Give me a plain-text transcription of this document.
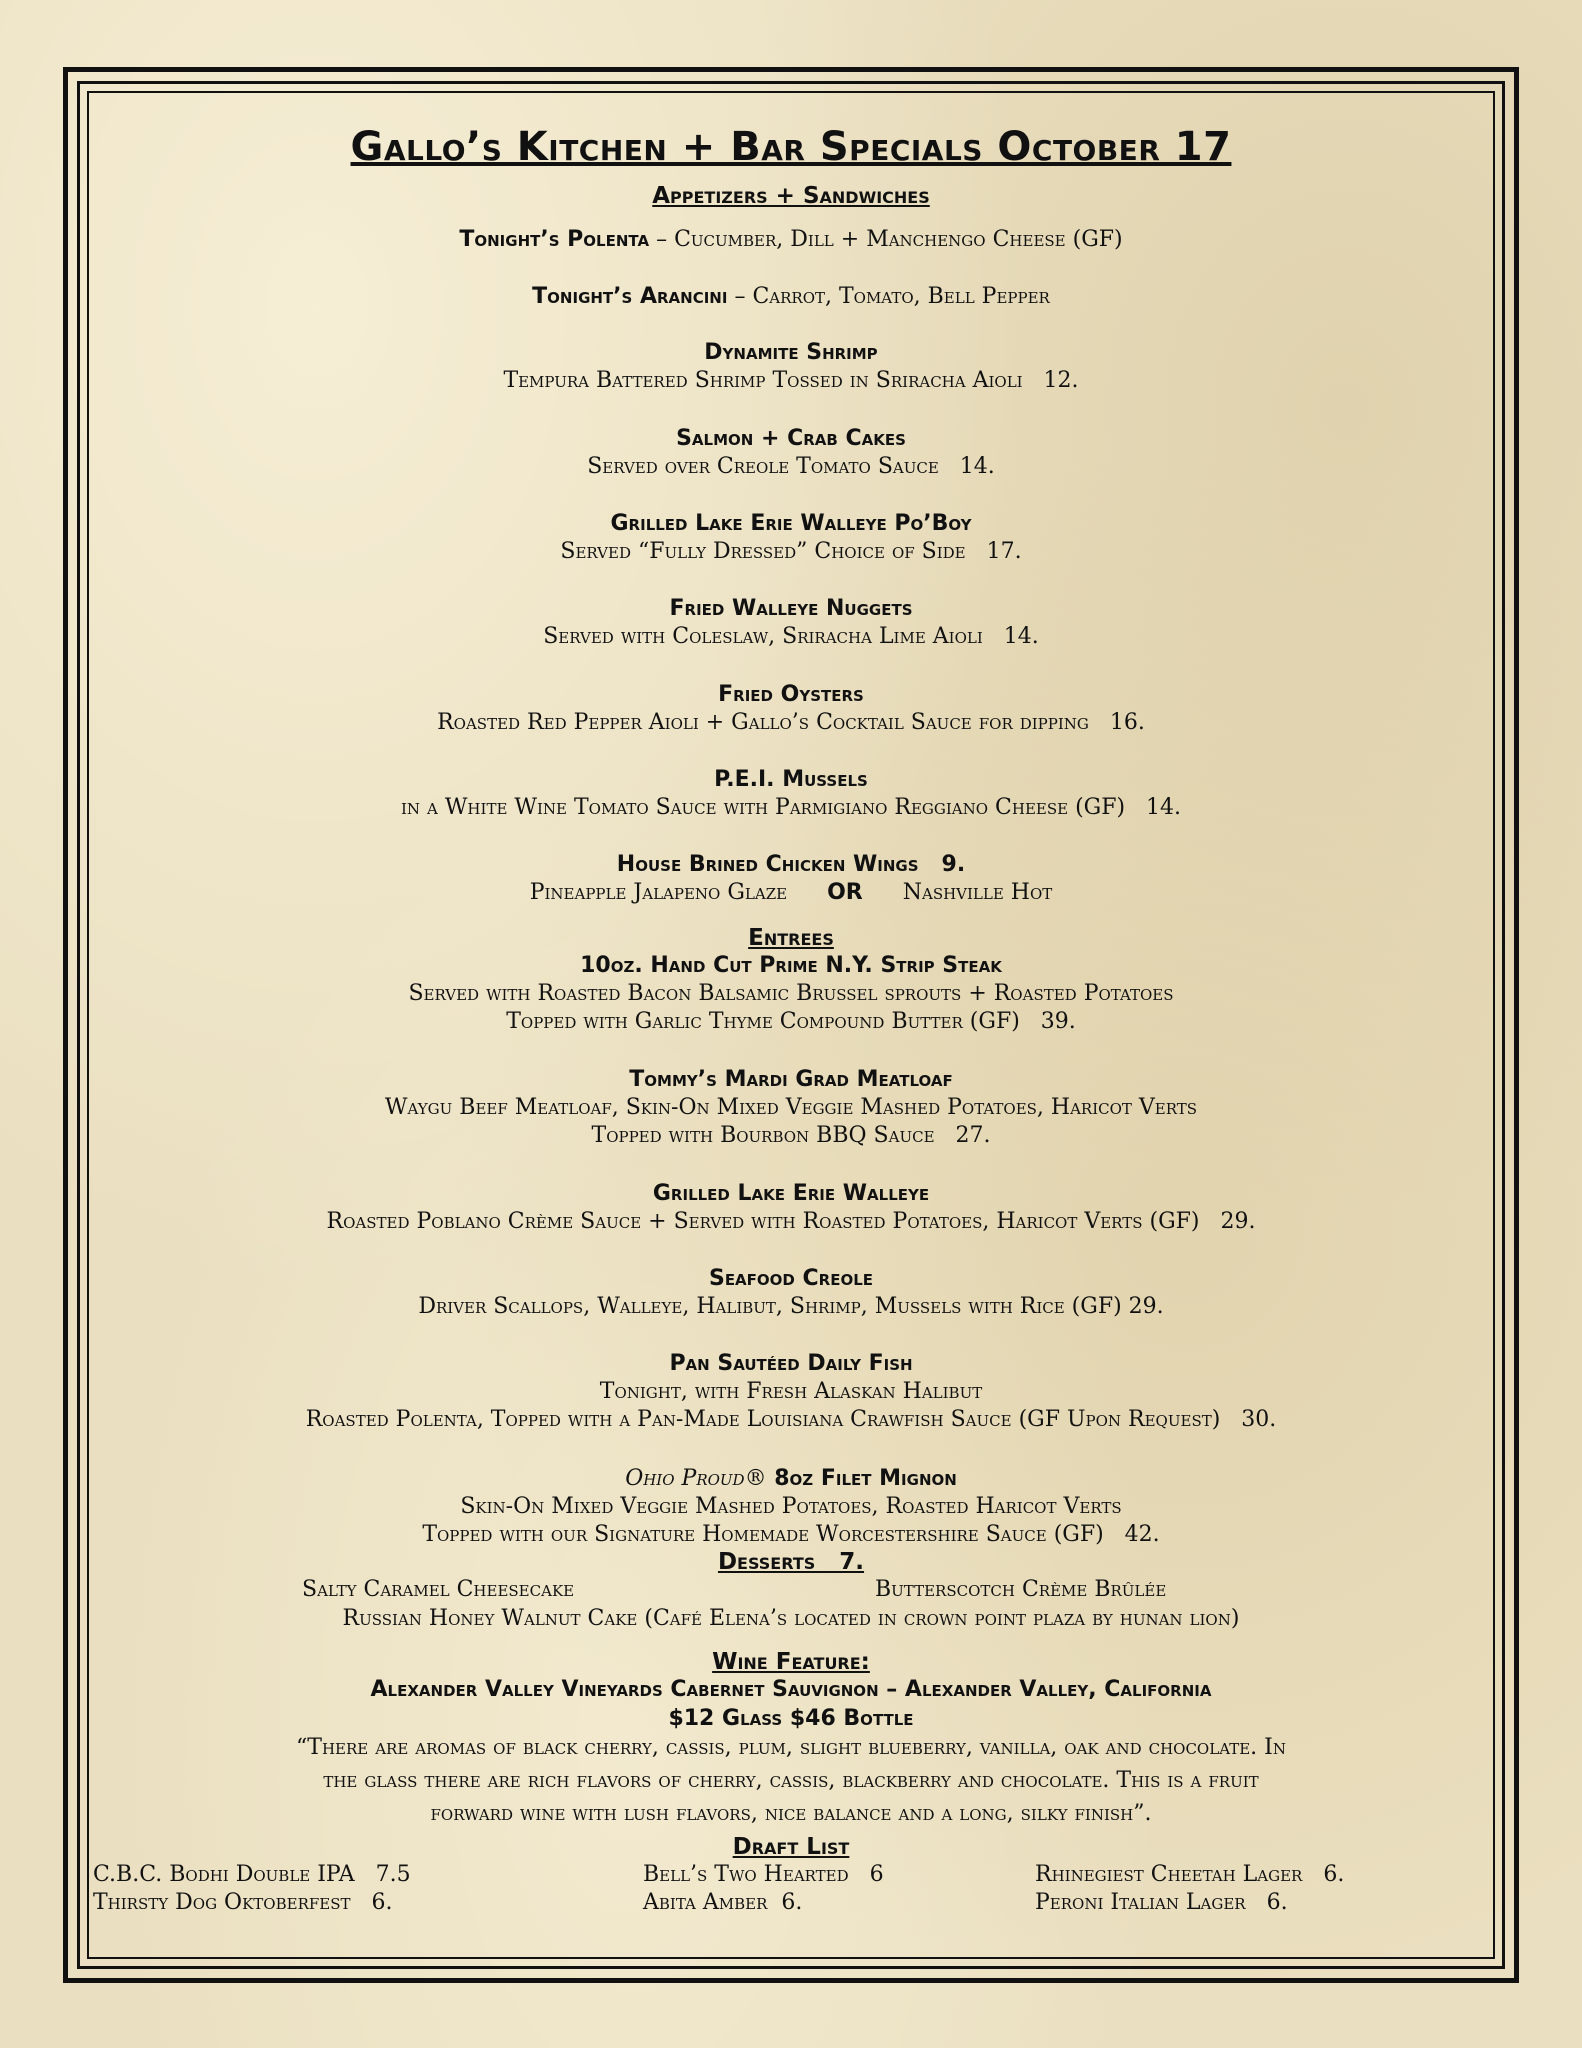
Gallo’s Kitchen + Bar Specials October 17
Appetizers + Sandwiches
Tonight’s Polenta – Cucumber, Dill + Manchengo Cheese (GF)
Tonight’s Arancini – Carrot, Tomato, Bell Pepper
Dynamite Shrimp
Tempura Battered Shrimp Tossed in Sriracha Aioli   12.
Salmon + Crab Cakes
Served over Creole Tomato Sauce   14.
Grilled Lake Erie Walleye Po’Boy
Served “Fully Dressed” Choice of Side   17.
Fried Walleye Nuggets
Served with Coleslaw, Sriracha Lime Aioli   14.
Fried Oysters
Roasted Red Pepper Aioli + Gallo’s Cocktail Sauce for dipping   16.
P.E.I. Mussels
in a White Wine Tomato Sauce with Parmigiano Reggiano Cheese (GF)   14.
House Brined Chicken Wings   9.
Pineapple Jalapeno Glaze OR Nashville Hot
Entrees
10oz. Hand Cut Prime N.Y. Strip Steak
Served with Roasted Bacon Balsamic Brussel sprouts + Roasted Potatoes
Topped with Garlic Thyme Compound Butter (GF)   39.
Tommy’s Mardi Grad Meatloaf
Waygu Beef Meatloaf, Skin-On Mixed Veggie Mashed Potatoes, Haricot Verts
Topped with Bourbon BBQ Sauce   27.
Grilled Lake Erie Walleye
Roasted Poblano Crème Sauce + Served with Roasted Potatoes, Haricot Verts (GF)   29.
Seafood Creole
Driver Scallops, Walleye, Halibut, Shrimp, Mussels with Rice (GF) 29.
Pan Sautéed Daily Fish
Tonight, with Fresh Alaskan Halibut
Roasted Polenta, Topped with a Pan-Made Louisiana Crawfish Sauce (GF Upon Request)   30.
Ohio Proud® 8oz Filet Mignon
Skin-On Mixed Veggie Mashed Potatoes, Roasted Haricot Verts
Topped with our Signature Homemade Worcestershire Sauce (GF)   42.
Desserts   7.
Salty Caramel Cheesecake	Butterscotch Crème Brûlée
Russian Honey Walnut Cake (Café Elena’s located in crown point plaza by hunan lion)
Wine Feature:
Alexander Valley Vineyards Cabernet Sauvignon – Alexander Valley, California
$12 Glass $46 Bottle
“There are aromas of black cherry, cassis, plum, slight blueberry, vanilla, oak and chocolate. In
the glass there are rich flavors of cherry, cassis, blackberry and chocolate. This is a fruit
forward wine with lush flavors, nice balance and a long, silky finish”.
Draft List
C.B.C. Bodhi Double IPA   7.5
Thirsty Dog Oktoberfest   6.
Bell’s Two Hearted   6
Abita Amber  6.
Rhinegiest Cheetah Lager   6.
Peroni Italian Lager   6.
